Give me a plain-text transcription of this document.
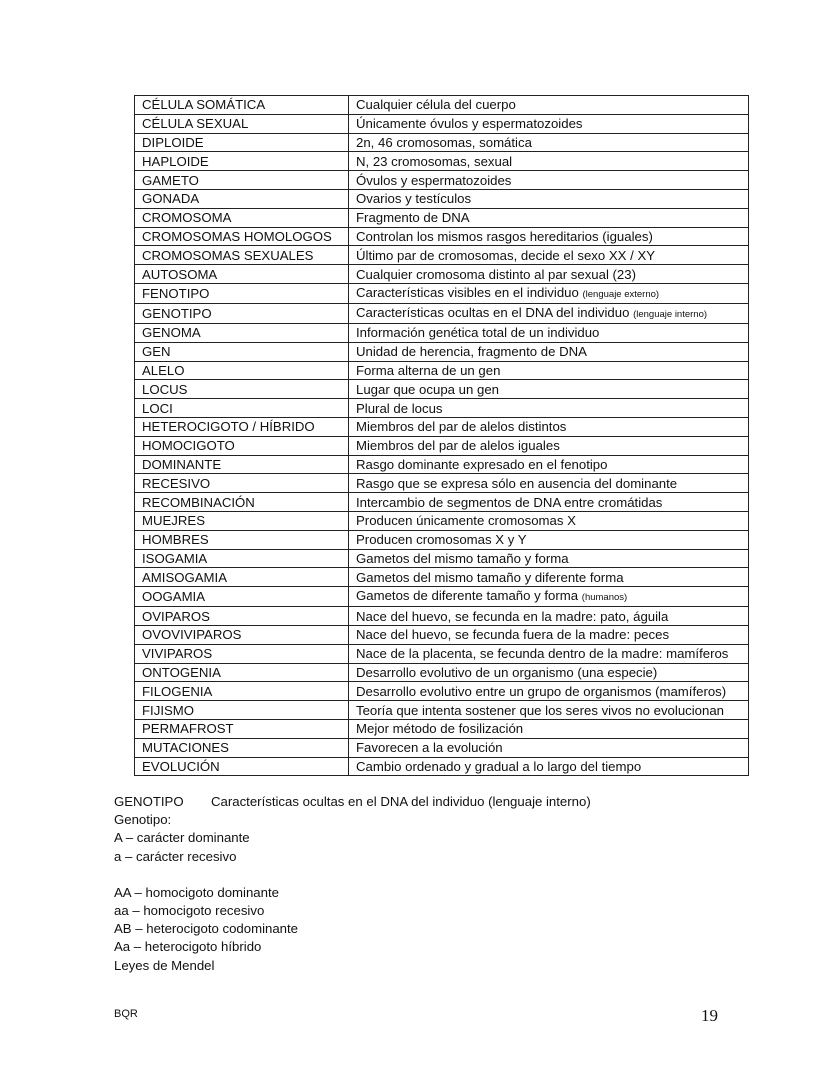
CÉLULA SOMÁTICA	Cualquier célula del cuerpo
CÉLULA SEXUAL	Únicamente óvulos y espermatozoides
DIPLOIDE	2n, 46 cromosomas, somática
HAPLOIDE	N, 23 cromosomas, sexual
GAMETO	Óvulos y espermatozoides
GONADA	Ovarios y testículos
CROMOSOMA	Fragmento de DNA
CROMOSOMAS HOMOLOGOS	Controlan los mismos rasgos hereditarios (iguales)
CROMOSOMAS SEXUALES	Último par de cromosomas, decide el sexo XX / XY
AUTOSOMA	Cualquier cromosoma distinto al par sexual (23)
FENOTIPO	Características visibles en el individuo (lenguaje externo)
GENOTIPO	Características ocultas en el DNA del individuo (lenguaje interno)
GENOMA	Información genética total de un individuo
GEN	Unidad de herencia, fragmento de DNA
ALELO	Forma alterna de un gen
LOCUS	Lugar que ocupa un gen
LOCI	Plural de locus
HETEROCIGOTO / HÍBRIDO	Miembros del par de alelos distintos
HOMOCIGOTO	Miembros del par de alelos iguales
DOMINANTE	Rasgo dominante expresado en el fenotipo
RECESIVO	Rasgo que se expresa sólo en ausencia del dominante
RECOMBINACIÓN	Intercambio de segmentos de DNA entre cromátidas
MUEJRES	Producen únicamente cromosomas X
HOMBRES	Producen cromosomas X y Y
ISOGAMIA	Gametos del mismo tamaño y forma
AMISOGAMIA	Gametos del mismo tamaño y diferente forma
OOGAMIA	Gametos de diferente tamaño y forma (humanos)
OVIPAROS	Nace del huevo, se fecunda en la madre: pato, águila
OVOVIVIPAROS	Nace del huevo, se fecunda fuera de la madre: peces
VIVIPAROS	Nace de la placenta, se fecunda dentro de la madre: mamíferos
ONTOGENIA	Desarrollo evolutivo de un organismo (una especie)
FILOGENIA	Desarrollo evolutivo entre un grupo de organismos (mamíferos)
FIJISMO	Teoría que intenta sostener que los seres vivos no evolucionan
PERMAFROST	Mejor método de fosilización
MUTACIONES	Favorecen a la evolución
EVOLUCIÓN	Cambio ordenado y gradual a lo largo del tiempo
GENOTIPO Características ocultas en el DNA del individuo (lenguaje interno)
Genotipo:
A – carácter dominante
a – carácter recesivo
AA – homocigoto dominante
aa – homocigoto recesivo
AB – heterocigoto codominante
Aa – heterocigoto híbrido
Leyes de Mendel
BQR	19
